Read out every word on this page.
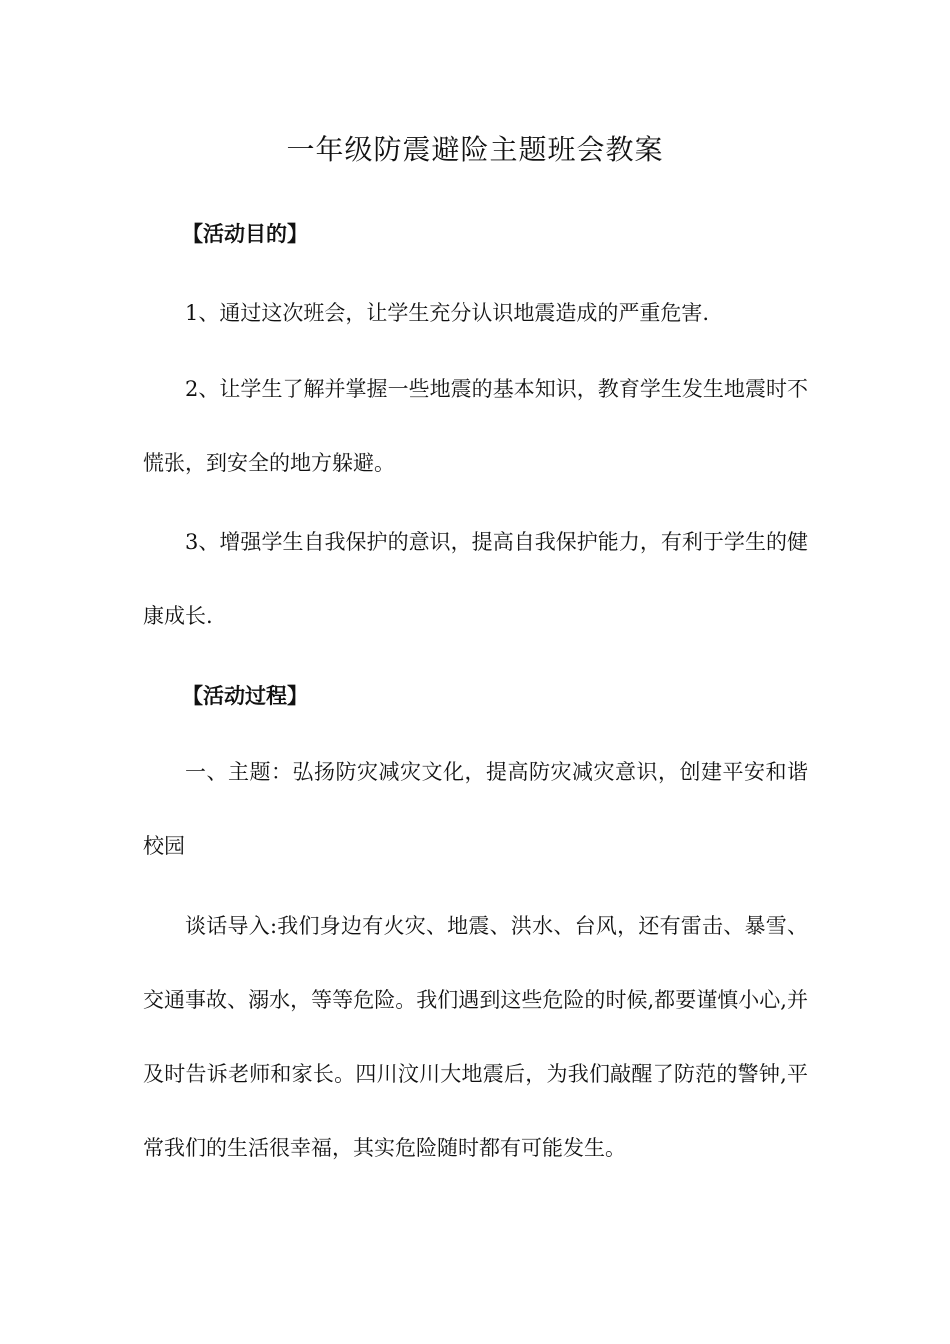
一年级防震避险主题班会教案
【活动目的】

1、通过这次班会，让学生充分认识地震造成的严重危害.

2、让学生了解并掌握一些地震的基本知识，教育学生发生地震时不慌张，到安全的地方躲避。

3、增强学生自我保护的意识，提高自我保护能力，有利于学生的健康成长.

【活动过程】

一、主题：弘扬防灾减灾文化，提高防灾减灾意识，创建平安和谐校园

谈话导入:我们身边有火灾、地震、洪水、台风，还有雷击、暴雪、交通事故、溺水，等等危险。我们遇到这些危险的时候,都要谨慎小心,并及时告诉老师和家长。四川汶川大地震后，为我们敲醒了防范的警钟,平常我们的生活很幸福，其实危险随时都有可能发生。
